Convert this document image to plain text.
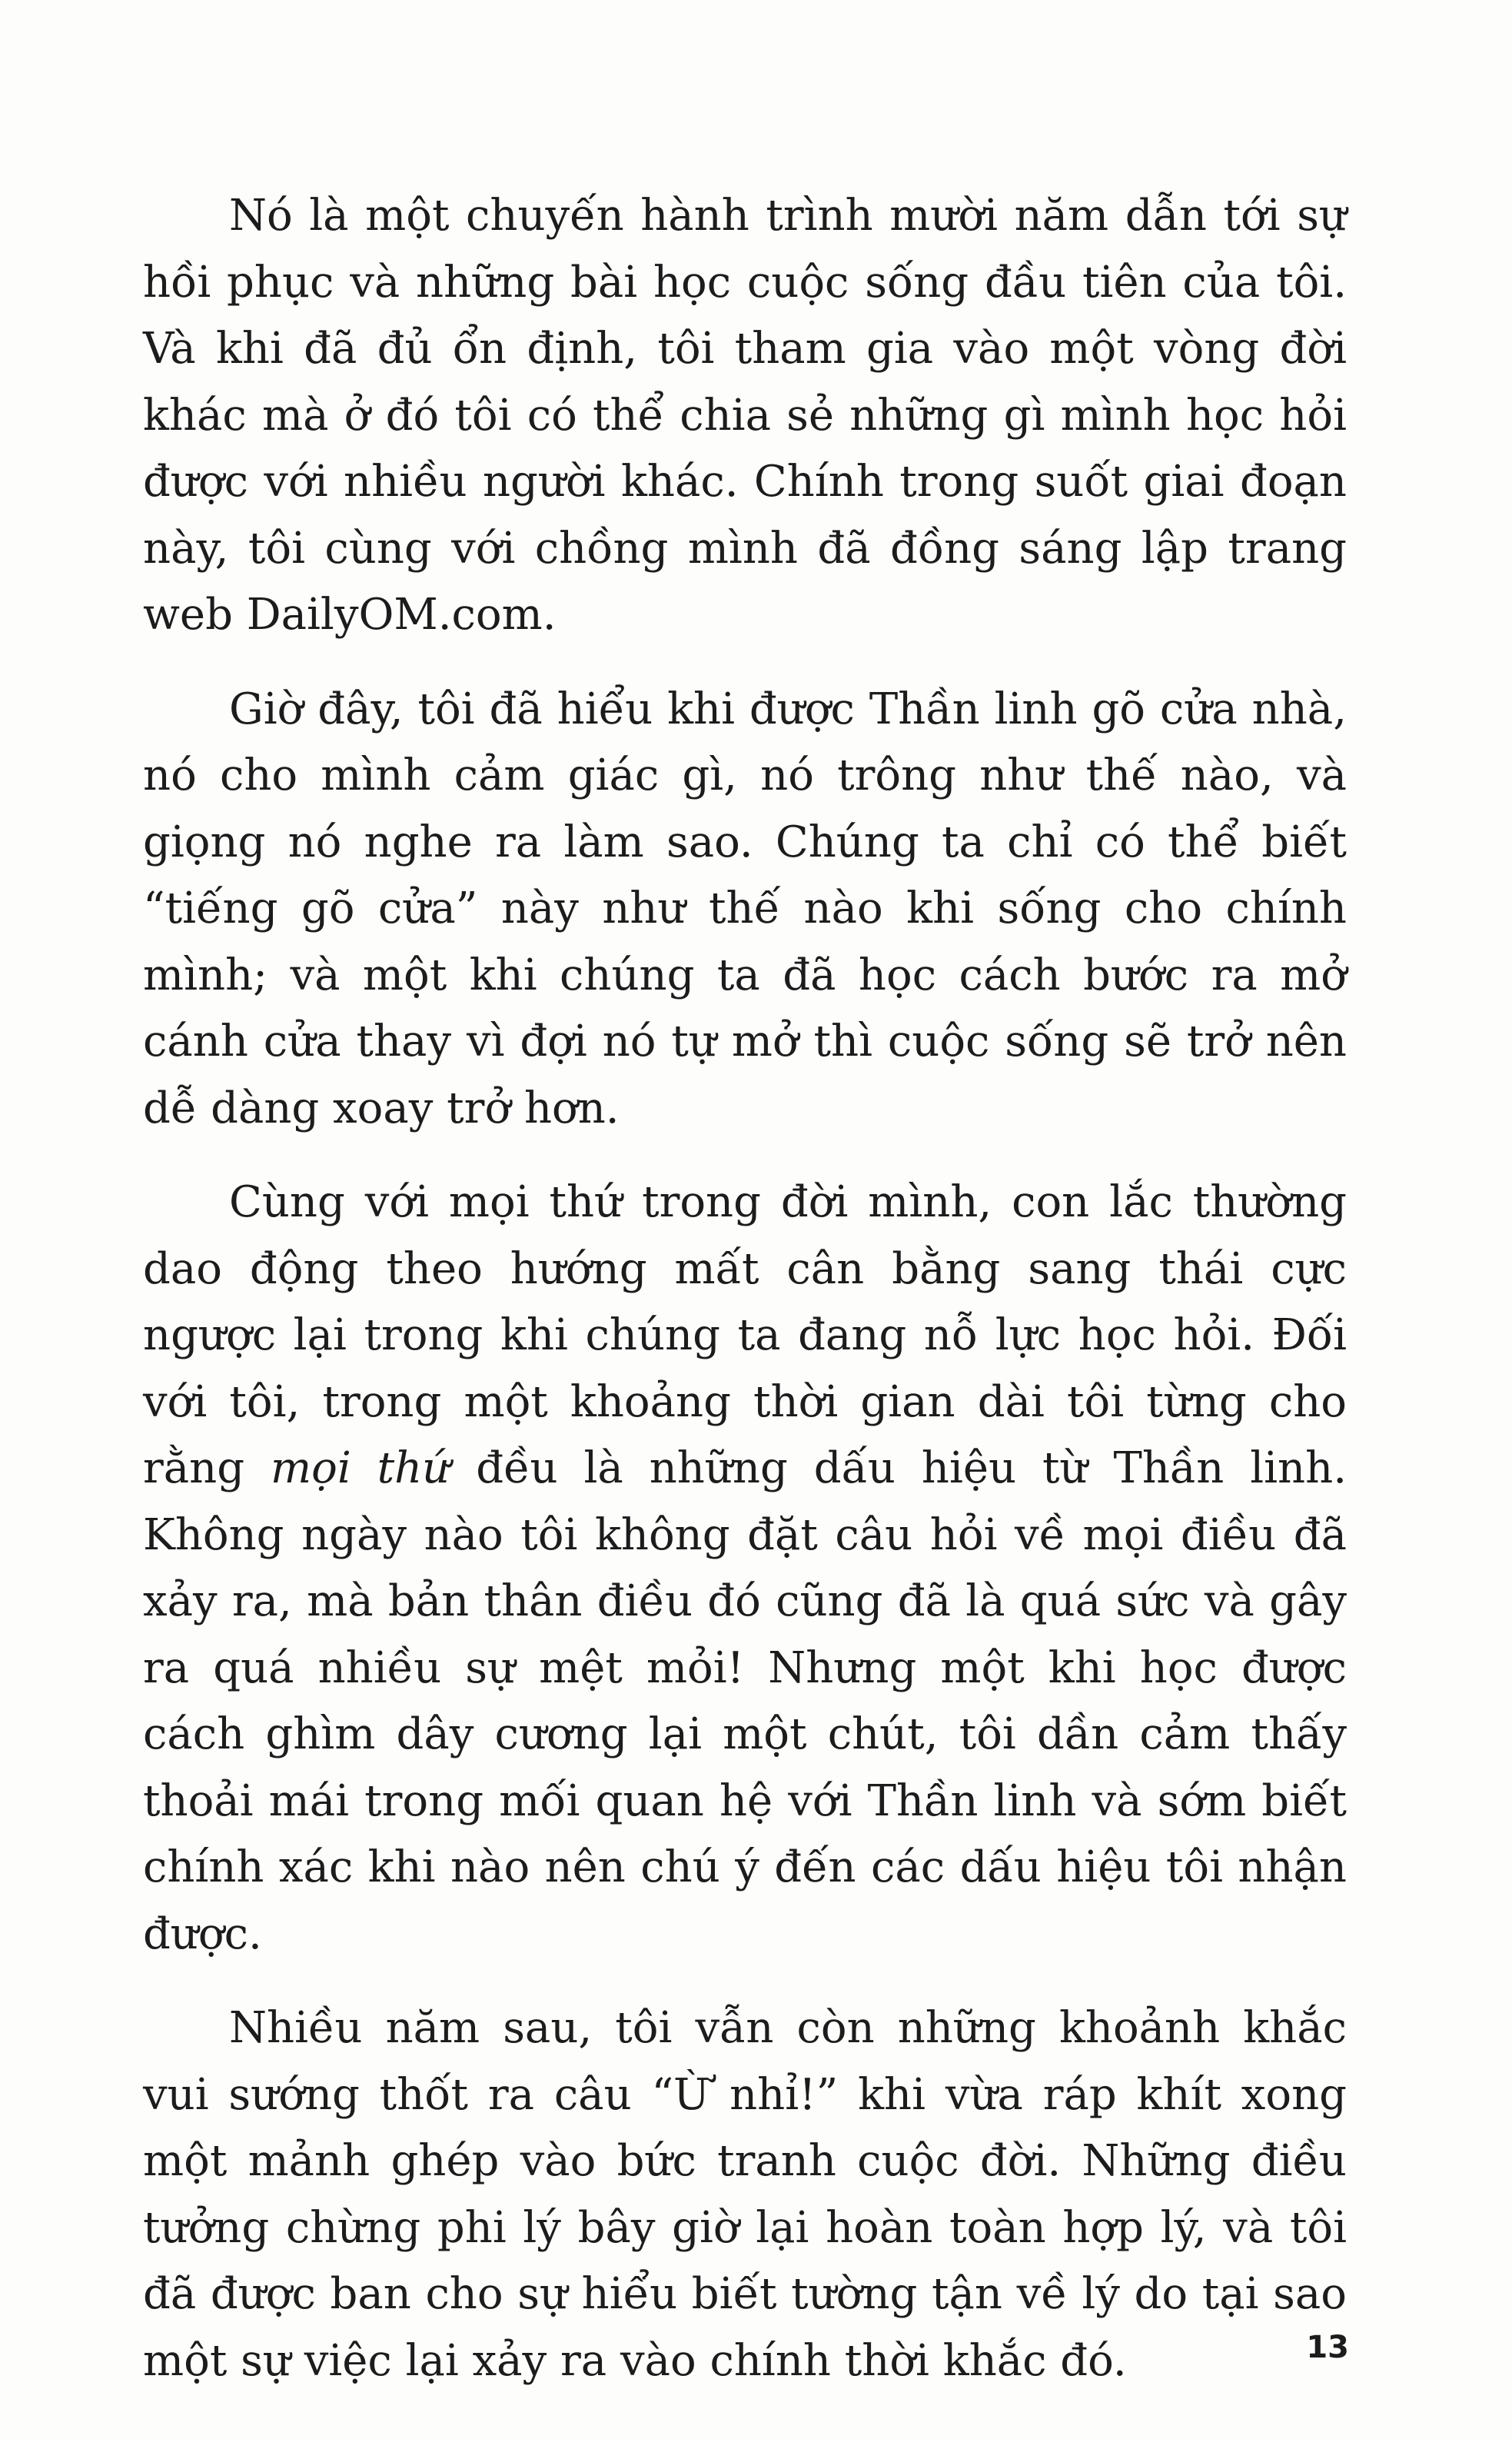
Nó là một chuyến hành trình mười năm dẫn tới sự hồi phục và những bài học cuộc sống đầu tiên của tôi. Và khi đã đủ ổn định, tôi tham gia vào một vòng đời khác mà ở đó tôi có thể chia sẻ những gì mình học hỏi được với nhiều người khác. Chính trong suốt giai đoạn này, tôi cùng với chồng mình đã đồng sáng lập trang web DailyOM.com.

Giờ đây, tôi đã hiểu khi được Thần linh gõ cửa nhà, nó cho mình cảm giác gì, nó trông như thế nào, và giọng nó nghe ra làm sao. Chúng ta chỉ có thể biết “tiếng gõ cửa” này như thế nào khi sống cho chính mình; và một khi chúng ta đã học cách bước ra mở cánh cửa thay vì đợi nó tự mở thì cuộc sống sẽ trở nên dễ dàng xoay trở hơn.

Cùng với mọi thứ trong đời mình, con lắc thường dao động theo hướng mất cân bằng sang thái cực ngược lại trong khi chúng ta đang nỗ lực học hỏi. Đối với tôi, trong một khoảng thời gian dài tôi từng cho rằng mọi thứ đều là những dấu hiệu từ Thần linh. Không ngày nào tôi không đặt câu hỏi về mọi điều đã xảy ra, mà bản thân điều đó cũng đã là quá sức và gây ra quá nhiều sự mệt mỏi! Nhưng một khi học được cách ghìm dây cương lại một chút, tôi dần cảm thấy thoải mái trong mối quan hệ với Thần linh và sớm biết chính xác khi nào nên chú ý đến các dấu hiệu tôi nhận được.

Nhiều năm sau, tôi vẫn còn những khoảnh khắc vui sướng thốt ra câu “Ừ nhỉ!” khi vừa ráp khít xong một mảnh ghép vào bức tranh cuộc đời. Những điều tưởng chừng phi lý bây giờ lại hoàn toàn hợp lý, và tôi đã được ban cho sự hiểu biết tường tận về lý do tại sao một sự việc lại xảy ra vào chính thời khắc đó.	13
